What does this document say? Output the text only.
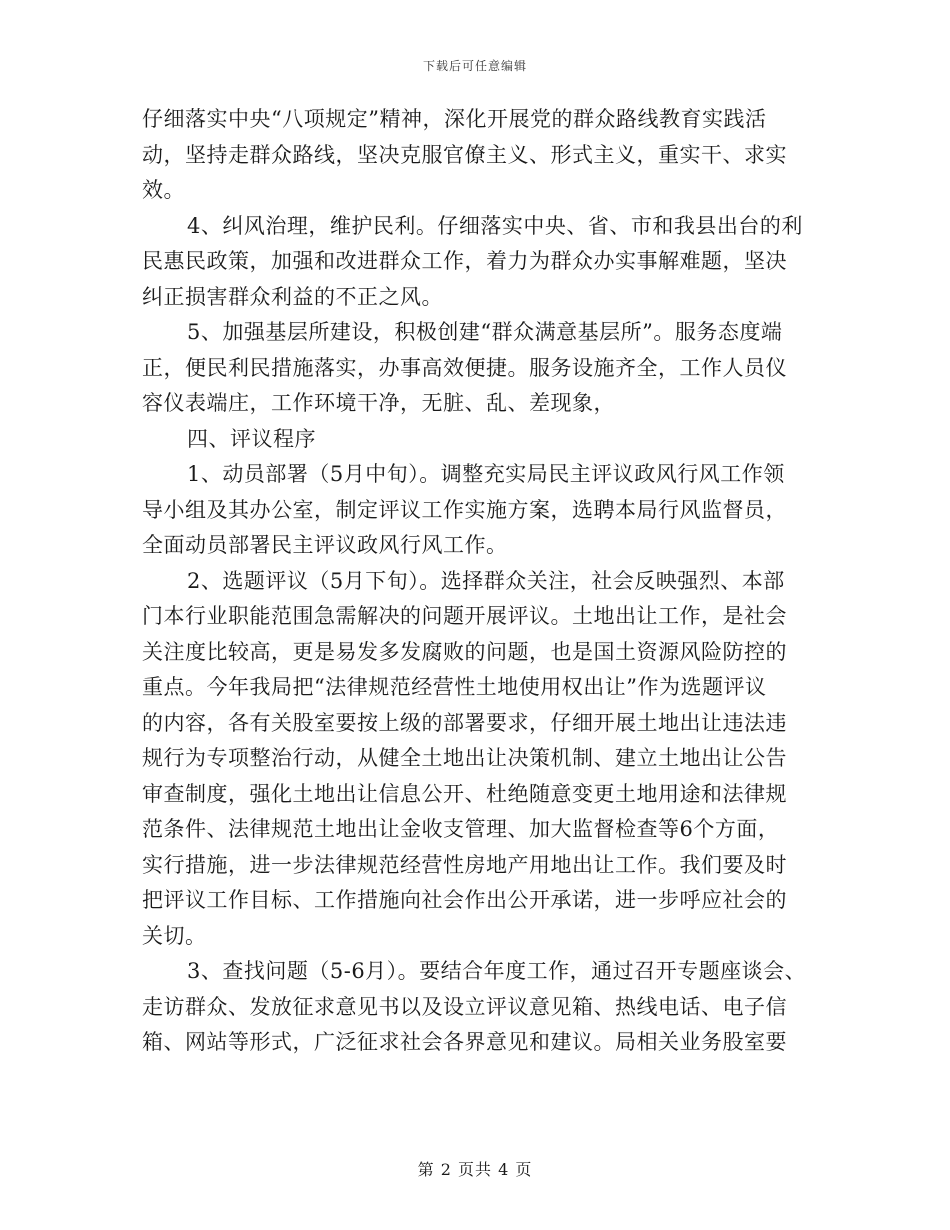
下载后可任意编辑
仔细落实中央“八项规定”精神，深化开展党的群众路线教育实践活
动，坚持走群众路线，坚决克服官僚主义、形式主义，重实干、求实
效。
4、纠风治理，维护民利。仔细落实中央、省、市和我县出台的利
民惠民政策，加强和改进群众工作，着力为群众办实事解难题，坚决
纠正损害群众利益的不正之风。
5、加强基层所建设，积极创建“群众满意基层所”。服务态度端
正，便民利民措施落实，办事高效便捷。服务设施齐全，工作人员仪
容仪表端庄，工作环境干净，无脏、乱、差现象，
四、评议程序
1、动员部署（5月中旬）。调整充实局民主评议政风行风工作领
导小组及其办公室，制定评议工作实施方案，选聘本局行风监督员，
全面动员部署民主评议政风行风工作。
2、选题评议（5月下旬）。选择群众关注，社会反映强烈、本部
门本行业职能范围急需解决的问题开展评议。土地出让工作，是社会
关注度比较高，更是易发多发腐败的问题，也是国土资源风险防控的
重点。今年我局把“法律规范经营性土地使用权出让”作为选题评议
的内容，各有关股室要按上级的部署要求，仔细开展土地出让违法违
规行为专项整治行动，从健全土地出让决策机制、建立土地出让公告
审查制度，强化土地出让信息公开、杜绝随意变更土地用途和法律规
范条件、法律规范土地出让金收支管理、加大监督检查等6个方面，
实行措施，进一步法律规范经营性房地产用地出让工作。我们要及时
把评议工作目标、工作措施向社会作出公开承诺，进一步呼应社会的
关切。
3、查找问题（5-6月）。要结合年度工作，通过召开专题座谈会、
走访群众、发放征求意见书以及设立评议意见箱、热线电话、电子信
箱、网站等形式，广泛征求社会各界意见和建议。局相关业务股室要
第 2 页共 4 页
